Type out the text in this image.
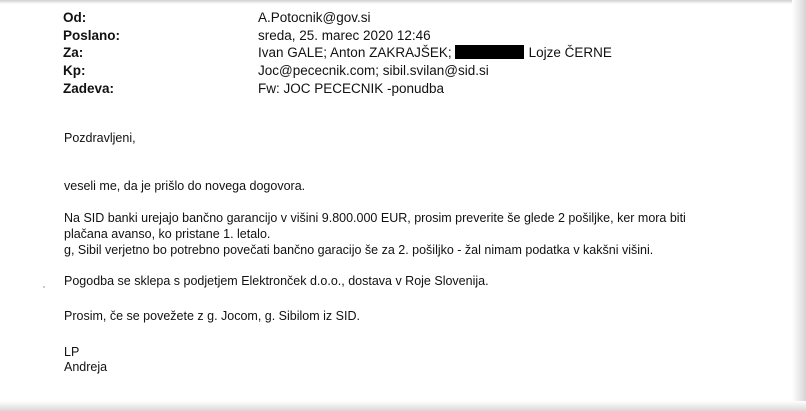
Od:	A.Potocnik@gov.si
Poslano:	sreda, 25. marec 2020 12:46
Za:	Ivan GALE; Anton ZAKRAJŠEK;	Lojze ČERNE
Kp:	Joc@pececnik.com; sibil.svilan@sid.si
Zadeva:	Fw: JOC PECECNIK -ponudba
Pozdravljeni,
veseli me, da je prišlo do novega dogovora.
Na SID banki urejajo bančno garancijo v višini 9.800.000 EUR, prosim preverite še glede 2 pošiljke, ker mora biti
plačana avanso, ko pristane 1. letalo.
g, Sibil verjetno bo potrebno povečati bančno garacijo še za 2. pošiljko - žal nimam podatka v kakšni višini.
Pogodba se sklepa s podjetjem Elektronček d.o.o., dostava v Roje Slovenija.
Prosim, če se povežete z g. Jocom, g. Sibilom iz SID.
LP
Andreja
